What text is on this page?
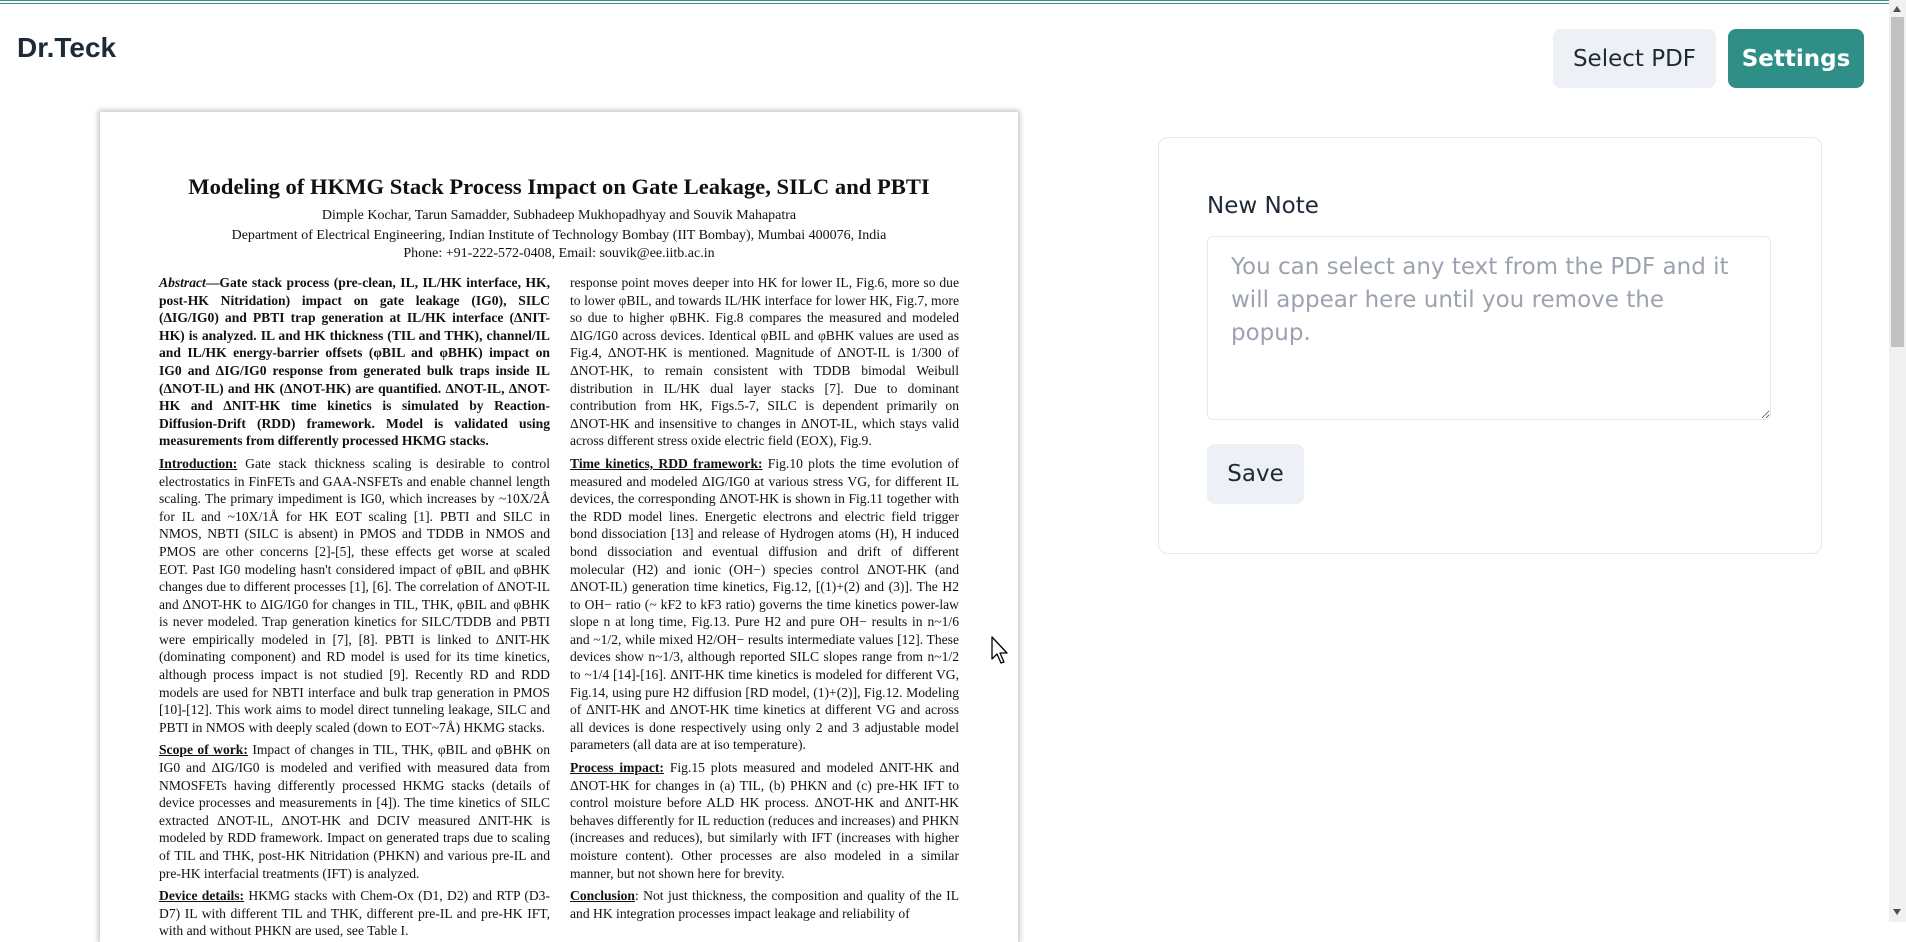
Dr.Teck	Select PDF	Settings
Modeling of HKMG Stack Process Impact on Gate Leakage, SILC and PBTI
Dimple Kochar, Tarun Samadder, Subhadeep Mukhopadhyay and Souvik Mahapatra
Department of Electrical Engineering, Indian Institute of Technology Bombay (IIT Bombay), Mumbai 400076, India
Phone: +91-222-572-0408, Email: souvik@ee.iitb.ac.in

Abstract—Gate stack process (pre-clean, IL, IL/HK interface, HK, post-HK Nitridation) impact on gate leakage (IG0), SILC (ΔIG/IG0) and PBTI trap generation at IL/HK interface (ΔNIT-HK) is analyzed. IL and HK thickness (TIL and THK), channel/IL and IL/HK energy-barrier offsets (φBIL and φBHK) impact on IG0 and ΔIG/IG0 response from generated bulk traps inside IL (ΔNOT-IL) and HK (ΔNOT-HK) are quantified. ΔNOT-IL, ΔNOT-HK and ΔNIT-HK time kinetics is simulated by Reaction-Diffusion-Drift (RDD) framework. Model is validated using measurements from differently processed HKMG stacks.

Introduction: Gate stack thickness scaling is desirable to control electrostatics in FinFETs and GAA-NSFETs and enable channel length scaling. The primary impediment is IG0, which increases by ~10X/2Å for IL and ~10X/1Å for HK EOT scaling [1]. PBTI and SILC in NMOS, NBTI (SILC is absent) in PMOS and TDDB in NMOS and PMOS are other concerns [2]-[5], these effects get worse at scaled EOT. Past IG0 modeling hasn't considered impact of φBIL and φBHK changes due to different processes [1], [6]. The correlation of ΔNOT-IL and ΔNOT-HK to ΔIG/IG0 for changes in TIL, THK, φBIL and φBHK is never modeled. Trap generation kinetics for SILC/TDDB and PBTI were empirically modeled in [7], [8]. PBTI is linked to ΔNIT-HK (dominating component) and RD model is used for its time kinetics, although process impact is not studied [9]. Recently RD and RDD models are used for NBTI interface and bulk trap generation in PMOS [10]-[12]. This work aims to model direct tunneling leakage, SILC and PBTI in NMOS with deeply scaled (down to EOT~7Å) HKMG stacks.

Scope of work: Impact of changes in TIL, THK, φBIL and φBHK on IG0 and ΔIG/IG0 is modeled and verified with measured data from NMOSFETs having differently processed HKMG stacks (details of device processes and measurements in [4]). The time kinetics of SILC extracted ΔNOT-IL, ΔNOT-HK and DCIV measured ΔNIT-HK is modeled by RDD framework. Impact on generated traps due to scaling of TIL and THK, post-HK Nitridation (PHKN) and various pre-IL and pre-HK interfacial treatments (IFT) is analyzed.

Device details: HKMG stacks with Chem-Ox (D1, D2) and RTP (D3-D7) IL with different TIL and THK, different pre-IL and pre-HK IFT, with and without PHKN are used, see Table I.

response point moves deeper into HK for lower IL, Fig.6, more so due to lower φBIL, and towards IL/HK interface for lower HK, Fig.7, more so due to higher φBHK. Fig.8 compares the measured and modeled ΔIG/IG0 across devices. Identical φBIL and φBHK values are used as Fig.4, ΔNOT-HK is mentioned. Magnitude of ΔNOT-IL is 1/300 of ΔNOT-HK, to remain consistent with TDDB bimodal Weibull distribution in IL/HK dual layer stacks [7]. Due to dominant contribution from HK, Figs.5-7, SILC is dependent primarily on ΔNOT-HK and insensitive to changes in ΔNOT-IL, which stays valid across different stress oxide electric field (EOX), Fig.9.

Time kinetics, RDD framework: Fig.10 plots the time evolution of measured and modeled ΔIG/IG0 at various stress VG, for different IL devices, the corresponding ΔNOT-HK is shown in Fig.11 together with the RDD model lines. Energetic electrons and electric field trigger bond dissociation [13] and release of Hydrogen atoms (H), H induced bond dissociation and eventual diffusion and drift of different molecular (H2) and ionic (OH−) species control ΔNOT-HK (and ΔNOT-IL) generation time kinetics, Fig.12, [(1)+(2) and (3)]. The H2 to OH− ratio (~ kF2 to kF3 ratio) governs the time kinetics power-law slope n at long time, Fig.13. Pure H2 and pure OH− results in n~1/6 and ~1/2, while mixed H2/OH− results intermediate values [12]. These devices show n~1/3, although reported SILC slopes range from n~1/2 to ~1/4 [14]-[16]. ΔNIT-HK time kinetics is modeled for different VG, Fig.14, using pure H2 diffusion [RD model, (1)+(2)], Fig.12. Modeling of ΔNIT-HK and ΔNOT-HK time kinetics at different VG and across all devices is done respectively using only 2 and 3 adjustable model parameters (all data are at iso temperature).

Process impact: Fig.15 plots measured and modeled ΔNIT-HK and ΔNOT-HK for changes in (a) TIL, (b) PHKN and (c) pre-HK IFT to control moisture before ALD HK process. ΔNOT-HK and ΔNIT-HK behaves differently for IL reduction (reduces and increases) and PHKN (increases and reduces), but similarly with IFT (increases with higher moisture content). Other processes are also modeled in a similar manner, but not shown here for brevity.

Conclusion: Not just thickness, the composition and quality of the IL and HK integration processes impact leakage and reliability of

New Note
You can select any text from the PDF and it will appear here until you remove the popup.
Save
